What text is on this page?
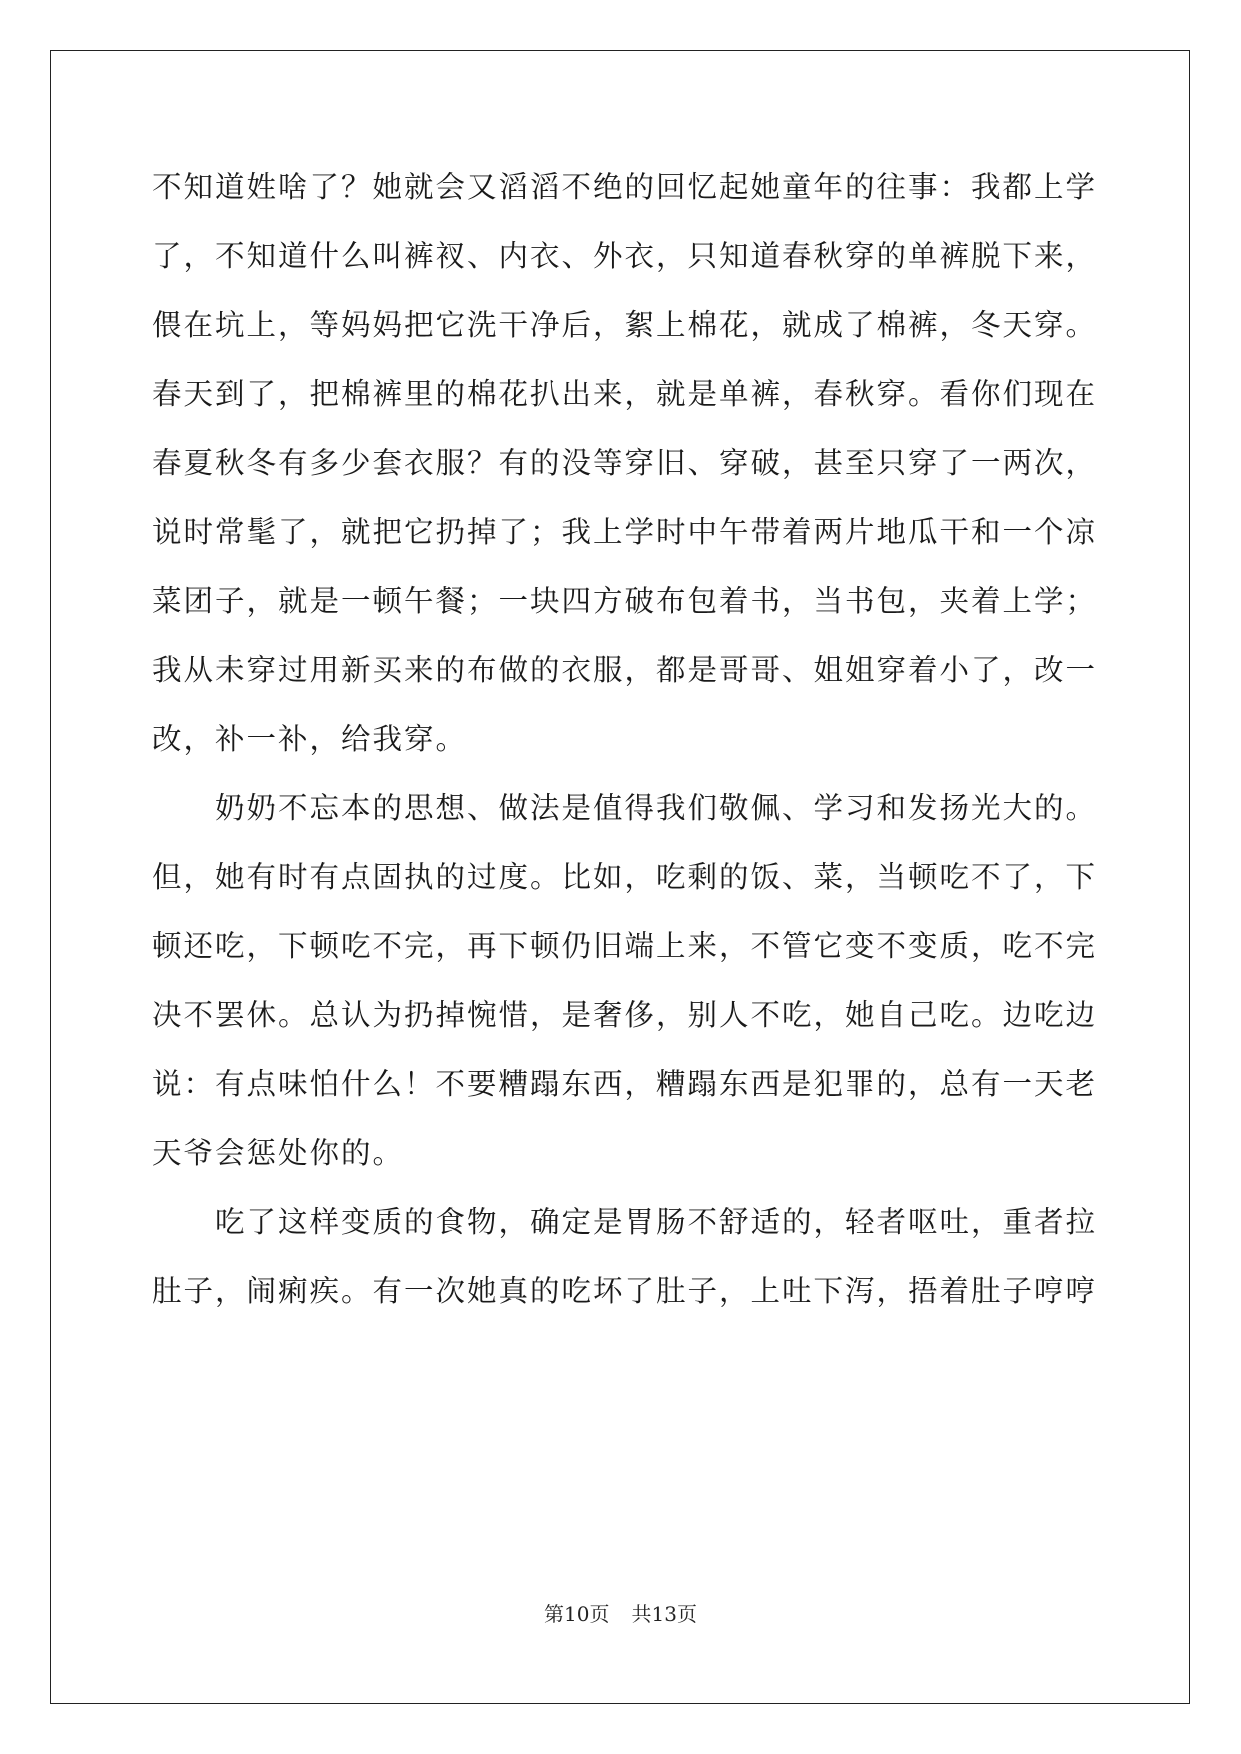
不知道姓啥了？她就会又滔滔不绝的回忆起她童年的往事：我都上学
了，不知道什么叫裤衩、内衣、外衣，只知道春秋穿的单裤脱下来，
偎在坑上，等妈妈把它洗干净后，絮上棉花，就成了棉裤，冬天穿。
春天到了，把棉裤里的棉花扒出来，就是单裤，春秋穿。看你们现在
春夏秋冬有多少套衣服？有的没等穿旧、穿破，甚至只穿了一两次，
说时常髦了，就把它扔掉了；我上学时中午带着两片地瓜干和一个凉
菜团子，就是一顿午餐；一块四方破布包着书，当书包，夹着上学；
我从未穿过用新买来的布做的衣服，都是哥哥、姐姐穿着小了，改一
改，补一补，给我穿。
　　奶奶不忘本的思想、做法是值得我们敬佩、学习和发扬光大的。
但，她有时有点固执的过度。比如，吃剩的饭、菜，当顿吃不了，下
顿还吃，下顿吃不完，再下顿仍旧端上来，不管它变不变质，吃不完
决不罢休。总认为扔掉惋惜，是奢侈，别人不吃，她自己吃。边吃边
说：有点味怕什么！不要糟蹋东西，糟蹋东西是犯罪的，总有一天老
天爷会惩处你的。
　　吃了这样变质的食物，确定是胃肠不舒适的，轻者呕吐，重者拉
肚子，闹痢疾。有一次她真的吃坏了肚子，上吐下泻，捂着肚子哼哼
第10页 共13页
